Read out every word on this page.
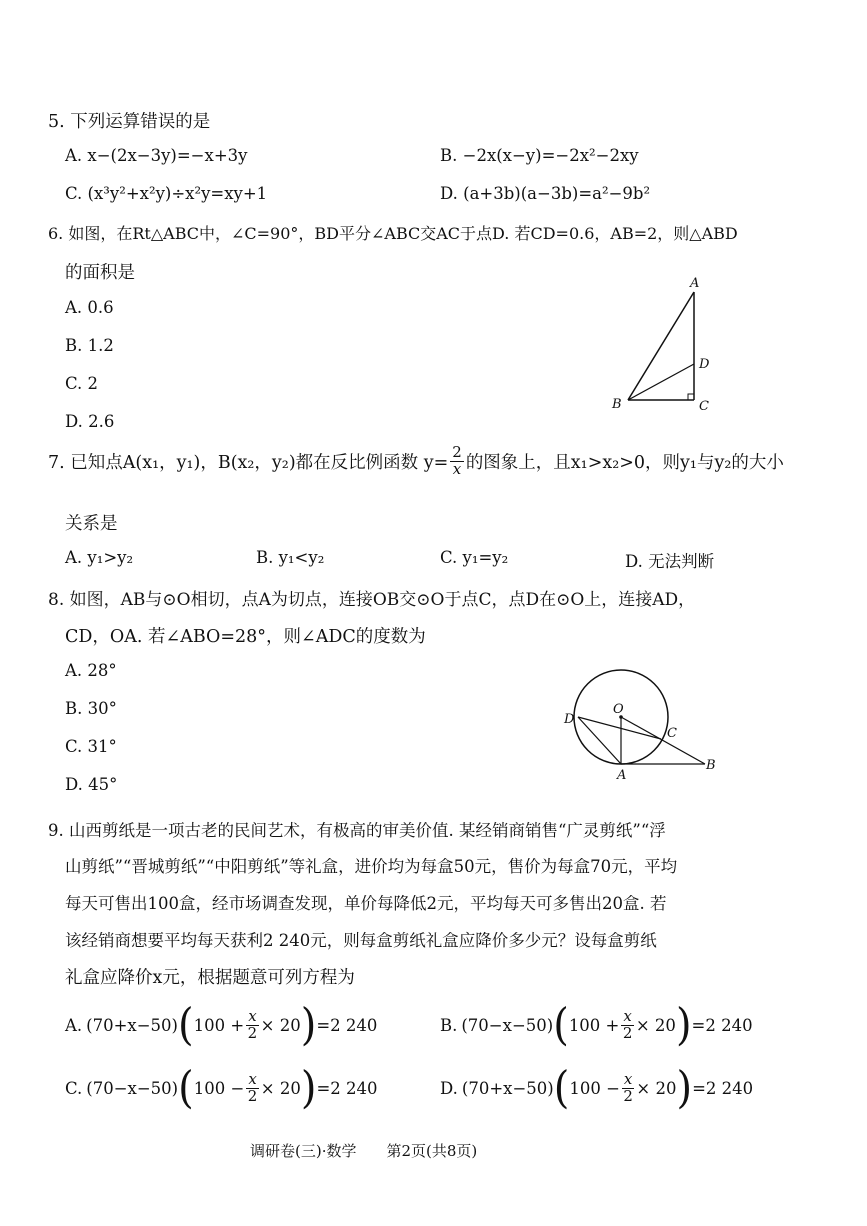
5. 下列运算错误的是
A. x−(2x−3y)=−x+3y	B. −2x(x−y)=−2x²−2xy
C. (x³y²+x²y)÷x²y=xy+1	D. (a+3b)(a−3b)=a²−9b²
6. 如图，在Rt△ABC中，∠C=90°，BD平分∠ABC交AC于点D. 若CD=0.6，AB=2，则△ABD
的面积是
A. 0.6
B. 1.2
C. 2
D. 2.6
A
D
B	C
7. 已知点A(x₁，y₁)，B(x₂，y₂)都在反比例函数 $y= \frac{2}{x}$ 的图象上，且x₁>x₂>0，则y₁与y₂的大小
关系是
A. y₁>y₂	B. y₁<y₂	C. y₁=y₂	D. 无法判断
8. 如图，AB与⊙O相切，点A为切点，连接OB交⊙O于点C，点D在⊙O上，连接AD，
CD，OA. 若∠ABO=28°，则∠ADC的度数为
A. 28°
B. 30°
C. 31°
D. 45°
O
D
C
A
B
9. 山西剪纸是一项古老的民间艺术，有极高的审美价值. 某经销商销售“广灵剪纸”“浮
山剪纸”“晋城剪纸”“中阳剪纸”等礼盒，进价均为每盒50元，售价为每盒70元，平均
每天可售出100盒，经市场调查发现，单价每降低2元，平均每天可多售出20盒. 若
该经销商想要平均每天获利2 240元，则每盒剪纸礼盒应降价多少元？设每盒剪纸
礼盒应降价x元，根据题意可列方程为
A. (70+x−50) ( $100 + \frac{x}{2} \times 20$ ) =2 240	B. (70−x−50) ( $100 + \frac{x}{2} \times 20$ ) =2 240
C. (70−x−50) ( $100 - \frac{x}{2} \times 20$ ) =2 240	D. (70+x−50) ( $100 - \frac{x}{2} \times 20$ ) =2 240
调研卷(三)·数学　　第2页(共8页)
